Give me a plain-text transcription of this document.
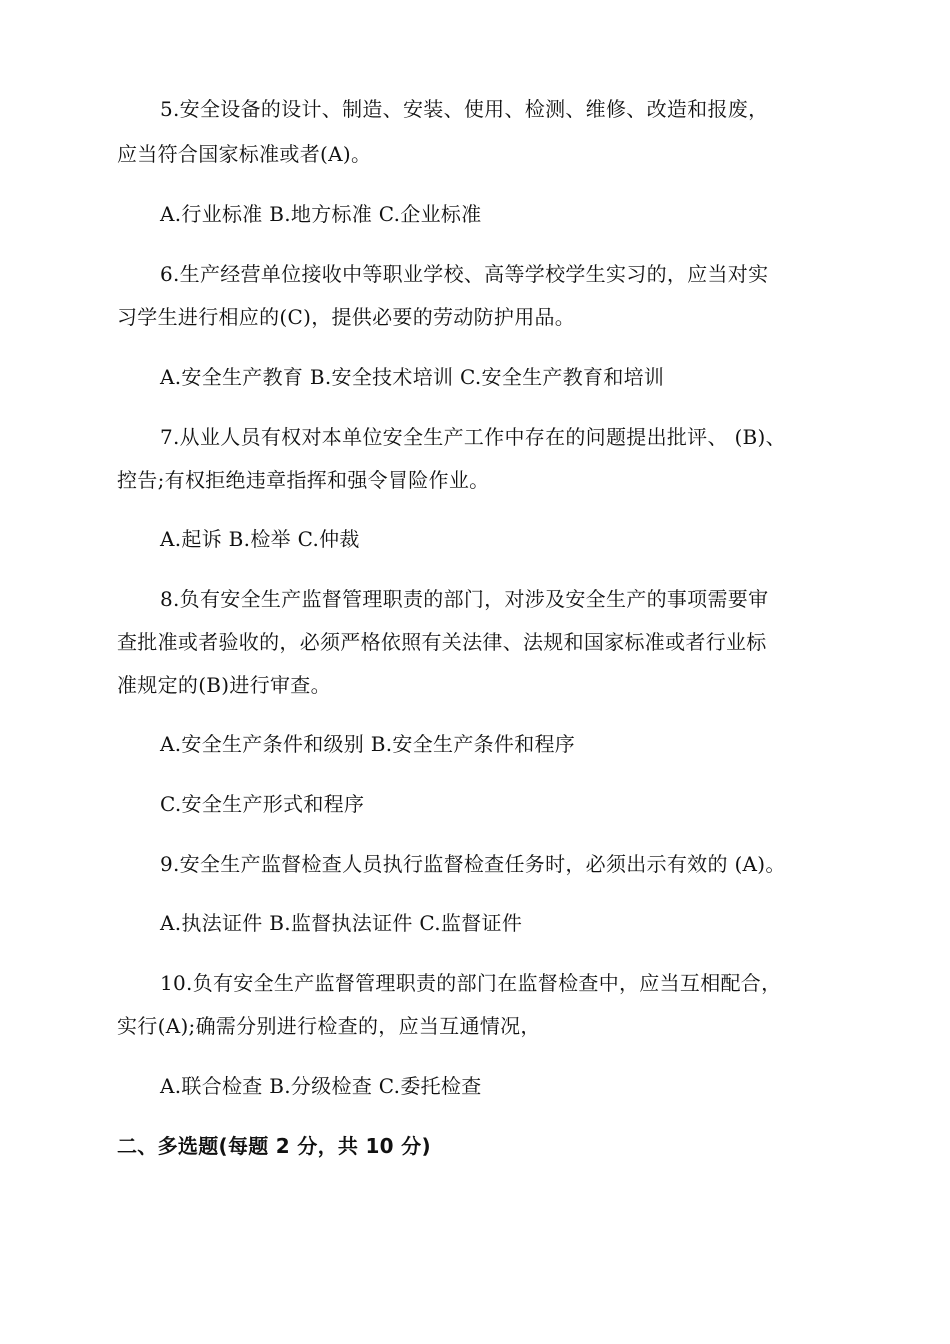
5.安全设备的设计、制造、安装、使用、检测、维修、改造和报废，
应当符合国家标准或者(A)。
A.行业标准 B.地方标准 C.企业标准
6.生产经营单位接收中等职业学校、高等学校学生实习的，应当对实
习学生进行相应的(C)，提供必要的劳动防护用品。
A.安全生产教育 B.安全技术培训 C.安全生产教育和培训
7.从业人员有权对本单位安全生产工作中存在的问题提出批评、 (B)、
控告;有权拒绝违章指挥和强令冒险作业。
A.起诉 B.检举 C.仲裁
8.负有安全生产监督管理职责的部门，对涉及安全生产的事项需要审
查批准或者验收的，必须严格依照有关法律、法规和国家标准或者行业标
准规定的(B)进行审查。
A.安全生产条件和级别 B.安全生产条件和程序
C.安全生产形式和程序
9.安全生产监督检查人员执行监督检查任务时，必须出示有效的 (A)。
A.执法证件 B.监督执法证件 C.监督证件
10.负有安全生产监督管理职责的部门在监督检查中，应当互相配合，
实行(A);确需分别进行检查的，应当互通情况，
A.联合检查 B.分级检查 C.委托检查
二、多选题(每题 2 分，共 10 分)
